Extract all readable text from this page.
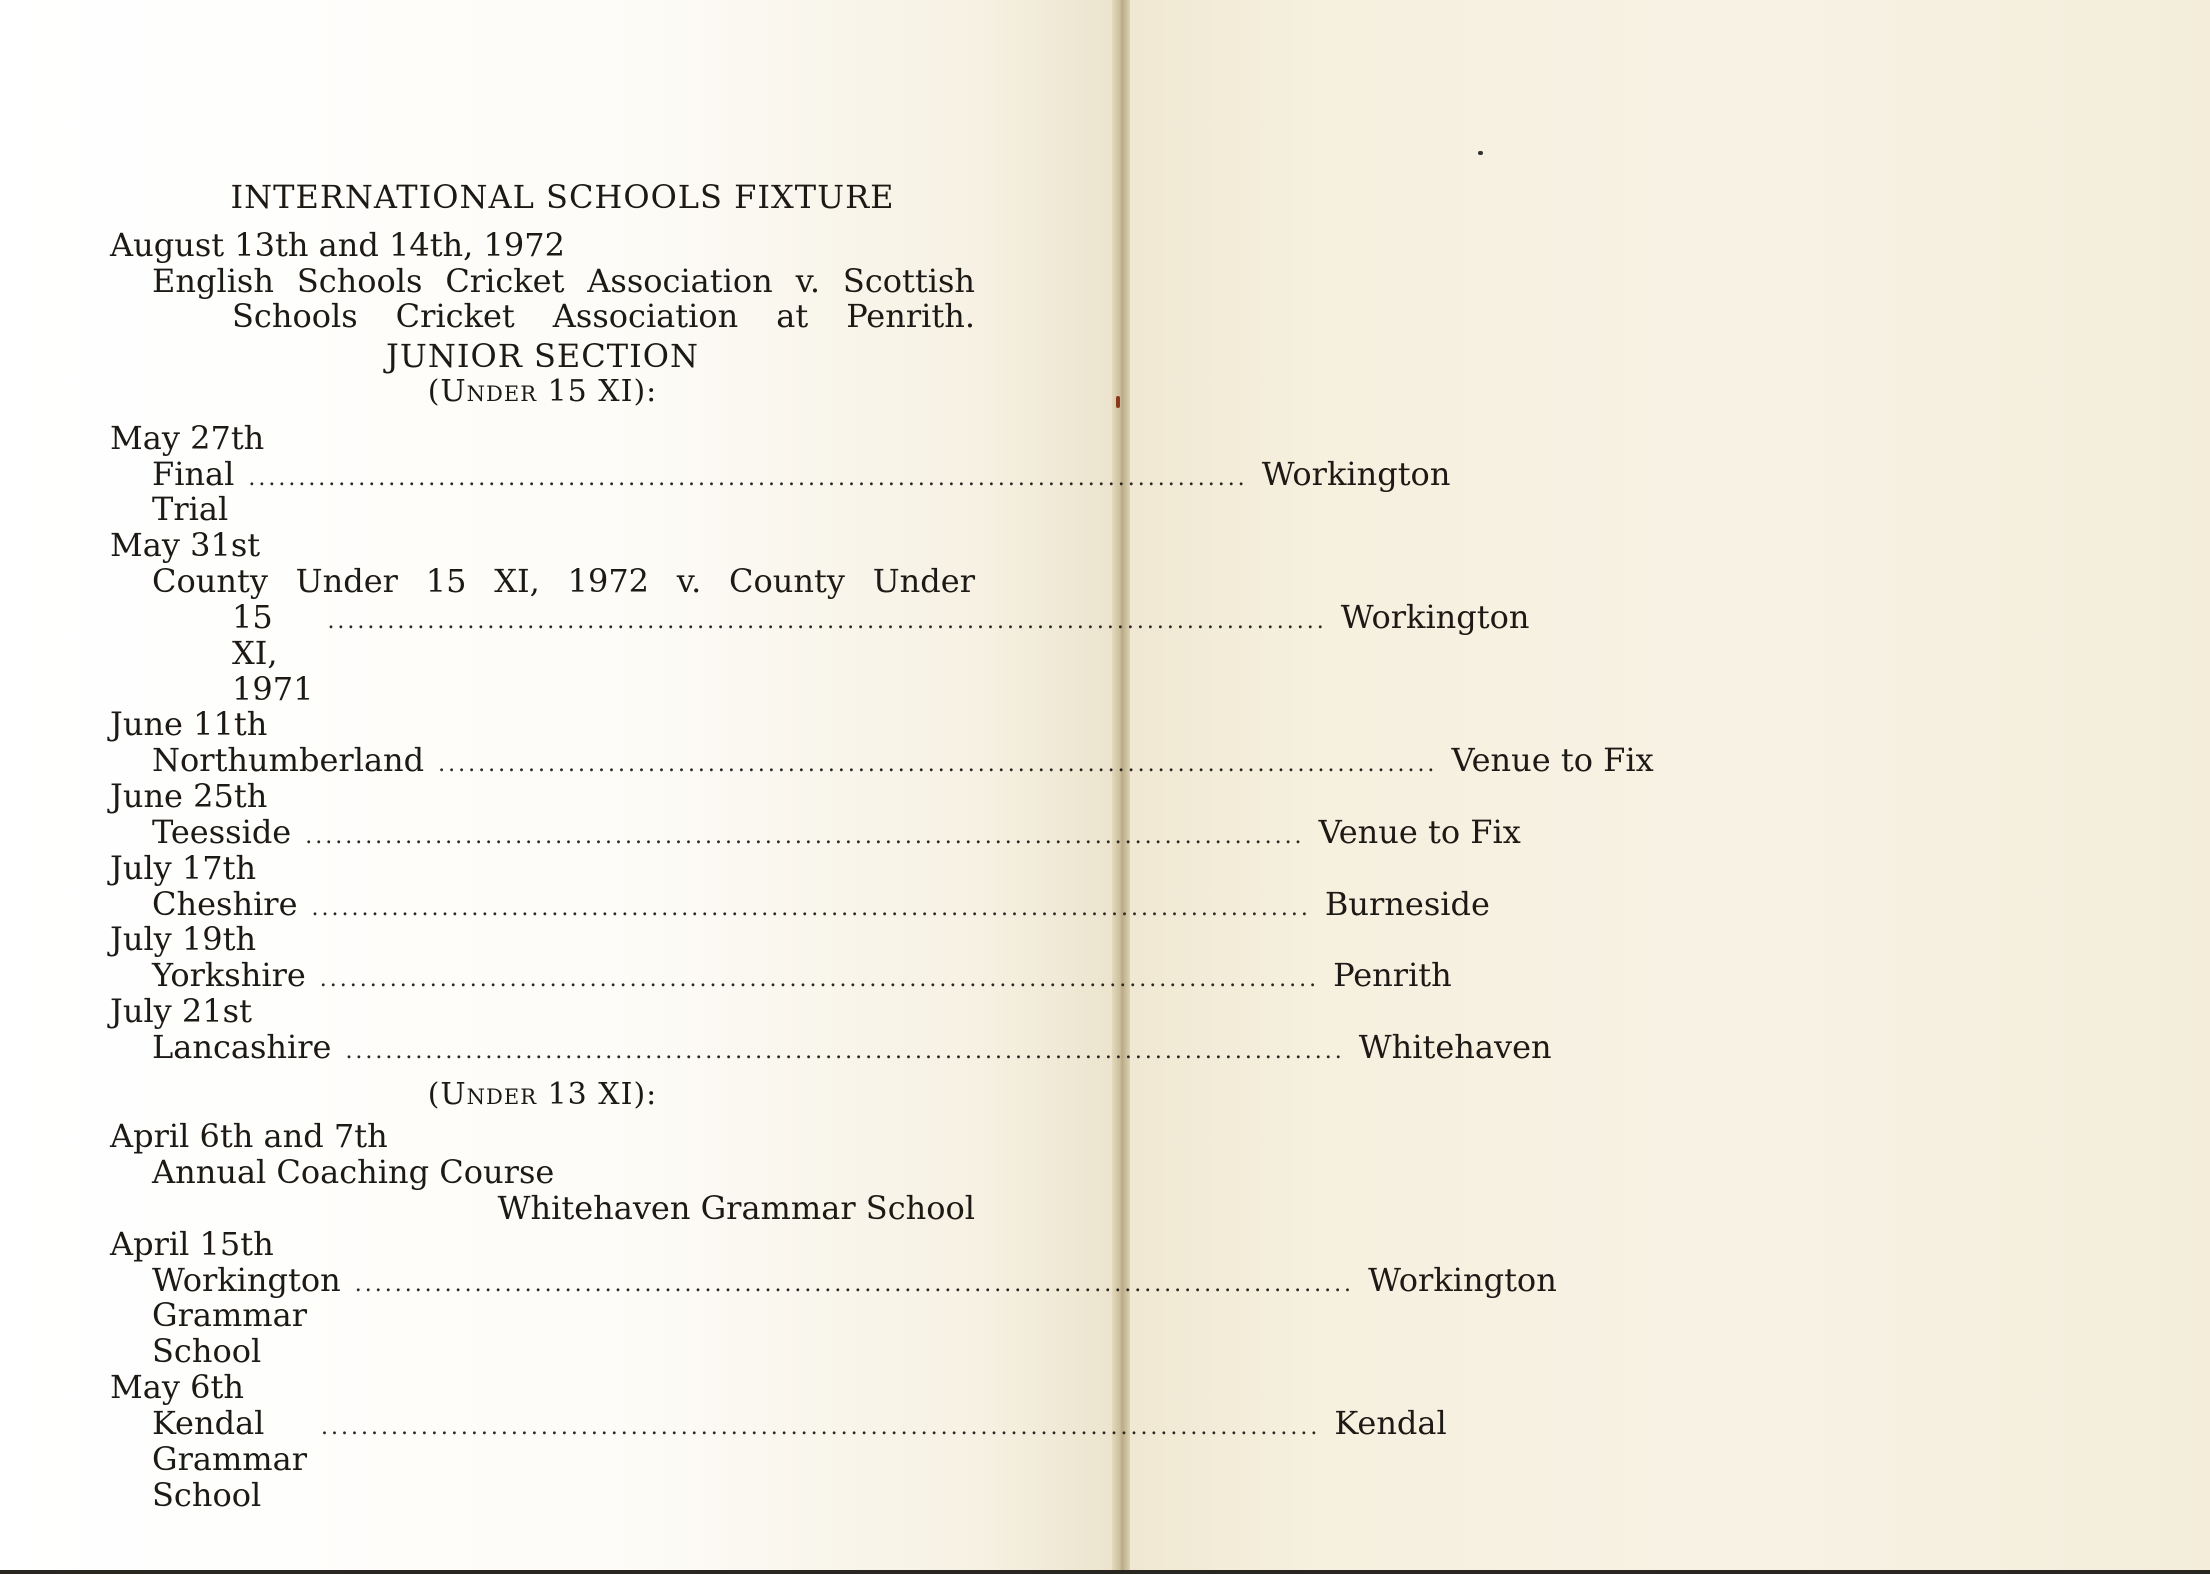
INTERNATIONAL SCHOOLS FIXTURE
August 13th and 14th, 1972
English Schools Cricket Association v. Scottish
Schools Cricket Association at Penrith.
JUNIOR SECTION
(Under 15 XI):
May 27th
Final Trial
.................................................................................................... Workington
May 31st
County Under 15 XI, 1972 v. County Under
15 XI, 1971
.................................................................................................... Workington
June 11th
Northumberland .................................................................................................... Venue to Fix
June 25th
Teesside .................................................................................................... Venue to Fix
July 17th
Cheshire .................................................................................................... Burneside
July 19th
Yorkshire .................................................................................................... Penrith
July 21st
Lancashire .................................................................................................... Whitehaven
(Under 13 XI):
April 6th and 7th
Annual Coaching Course
Whitehaven Grammar School
April 15th
Workington Grammar School
.................................................................................................... Workington
May 6th
Kendal Grammar School
.................................................................................................... Kendal
